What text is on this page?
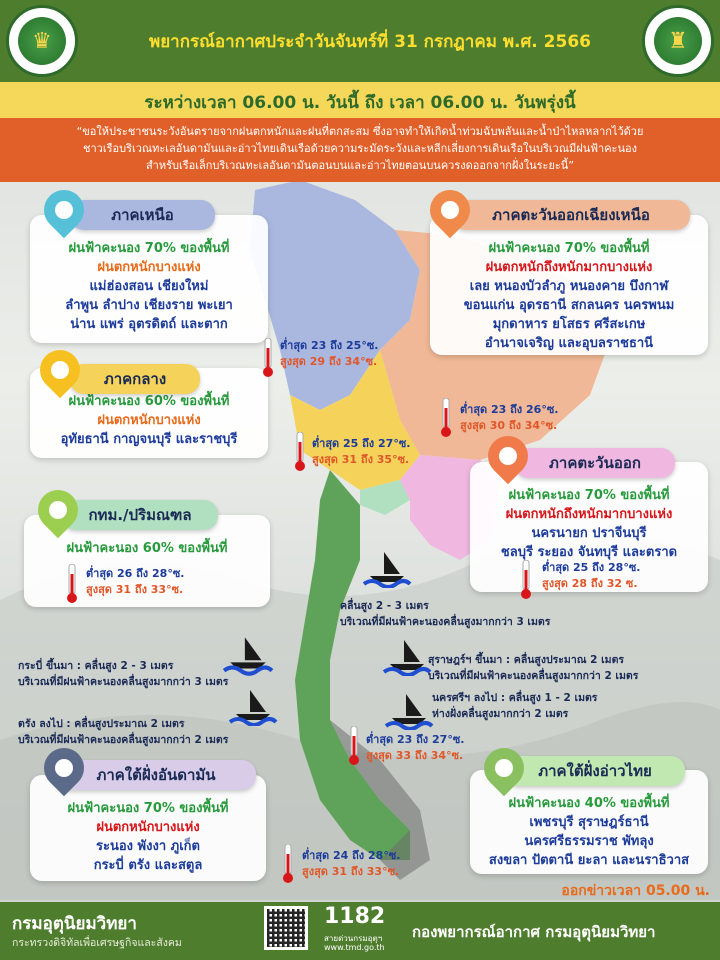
♛	พยากรณ์อากาศประจำวันจันทร์ที่ 31 กรกฎาคม พ.ศ. 2566	♜
ระหว่างเวลา 06.00 น. วันนี้ ถึง เวลา 06.00 น. วันพรุ่งนี้
“ขอให้ประชาชนระวังอันตรายจากฝนตกหนักและฝนที่ตกสะสม ซึ่งอาจทำให้เกิดน้ำท่วมฉับพลันและน้ำป่าไหลหลากไว้ด้วย
ชาวเรือบริเวณทะเลอันดามันและอ่าวไทยเดินเรือด้วยความระมัดระวังและหลีกเลี่ยงการเดินเรือในบริเวณมีฝนฟ้าคะนอง
สำหรับเรือเล็กบริเวณทะเลอันดามันตอนบนและอ่าวไทยตอนบนควรงดออกจากฝั่งในระยะนี้”
ฝนฟ้าคะนอง 70% ของพื้นที่
ฝนตกหนักบางแห่ง
แม่ฮ่องสอน เชียงใหม่
ลำพูน ลำปาง เชียงราย พะเยา
น่าน แพร่ อุตรดิตถ์ และตาก
ภาคเหนือ
ฝนฟ้าคะนอง 70% ของพื้นที่
ฝนตกหนักถึงหนักมากบางแห่ง
เลย หนองบัวลำภู หนองคาย บึงกาฬ
ขอนแก่น อุดรธานี สกลนคร นครพนม
มุกดาหาร ยโสธร ศรีสะเกษ
อำนาจเจริญ และอุบลราชธานี
ภาคตะวันออกเฉียงเหนือ
ฝนฟ้าคะนอง 60% ของพื้นที่
ฝนตกหนักบางแห่ง
อุทัยธานี กาญจนบุรี และราชบุรี
ภาคกลาง
ฝนฟ้าคะนอง 70% ของพื้นที่
ฝนตกหนักถึงหนักมากบางแห่ง
นครนายก ปราจีนบุรี
ชลบุรี ระยอง จันทบุรี และตราด
ภาคตะวันออก
ฝนฟ้าคะนอง 60% ของพื้นที่
กทม./ปริมณฑล
ฝนฟ้าคะนอง 70% ของพื้นที่
ฝนตกหนักบางแห่ง
ระนอง พังงา ภูเก็ต
กระบี่ ตรัง และสตูล
ภาคใต้ฝั่งอันดามัน
ฝนฟ้าคะนอง 40% ของพื้นที่
เพชรบุรี สุราษฎร์ธานี
นครศรีธรรมราช พัทลุง
สงขลา ปัตตานี ยะลา และนราธิวาส
ภาคใต้ฝั่งอ่าวไทย
ต่ำสุด 23 ถึง 25°ซ.
สูงสุด 29 ถึง 34°ซ.
ต่ำสุด 23 ถึง 26°ซ.
สูงสุด 30 ถึง 34°ซ.
ต่ำสุด 25 ถึง 27°ซ.
สูงสุด 31 ถึง 35°ซ.
ต่ำสุด 26 ถึง 28°ซ.
สูงสุด 31 ถึง 33°ซ.
ต่ำสุด 25 ถึง 28°ซ.
สูงสุด 28 ถึง 32 ซ.
ต่ำสุด 23 ถึง 27°ซ.
สูงสุด 33 ถึง 34°ซ.
ต่ำสุด 24 ถึง 28°ซ.
สูงสุด 31 ถึง 33°ซ.
คลื่นสูง 2 - 3 เมตร
บริเวณที่มีฝนฟ้าคะนองคลื่นสูงมากกว่า 3 เมตร
กระบี่ ขึ้นมา : คลื่นสูง 2 - 3 เมตร
บริเวณที่มีฝนฟ้าคะนองคลื่นสูงมากกว่า 3 เมตร
ตรัง ลงไป : คลื่นสูงประมาณ 2 เมตร
บริเวณที่มีฝนฟ้าคะนองคลื่นสูงมากกว่า 2 เมตร
สุราษฎร์ฯ ขึ้นมา : คลื่นสูงประมาณ 2 เมตร
บริเวณที่มีฝนฟ้าคะนองคลื่นสูงมากกว่า 2 เมตร
นครศรีฯ ลงไป : คลื่นสูง 1 - 2 เมตร
ห่างฝั่งคลื่นสูงมากกว่า 2 เมตร
ออกข่าวเวลา 05.00 น.
กรมอุตุนิยมวิทยา
กระทรวงดิจิทัลเพื่อเศรษฐกิจและสังคม
1182
สายด่วนกรมอุตุฯ
www.tmd.go.th
กองพยากรณ์อากาศ กรมอุตุนิยมวิทยา
